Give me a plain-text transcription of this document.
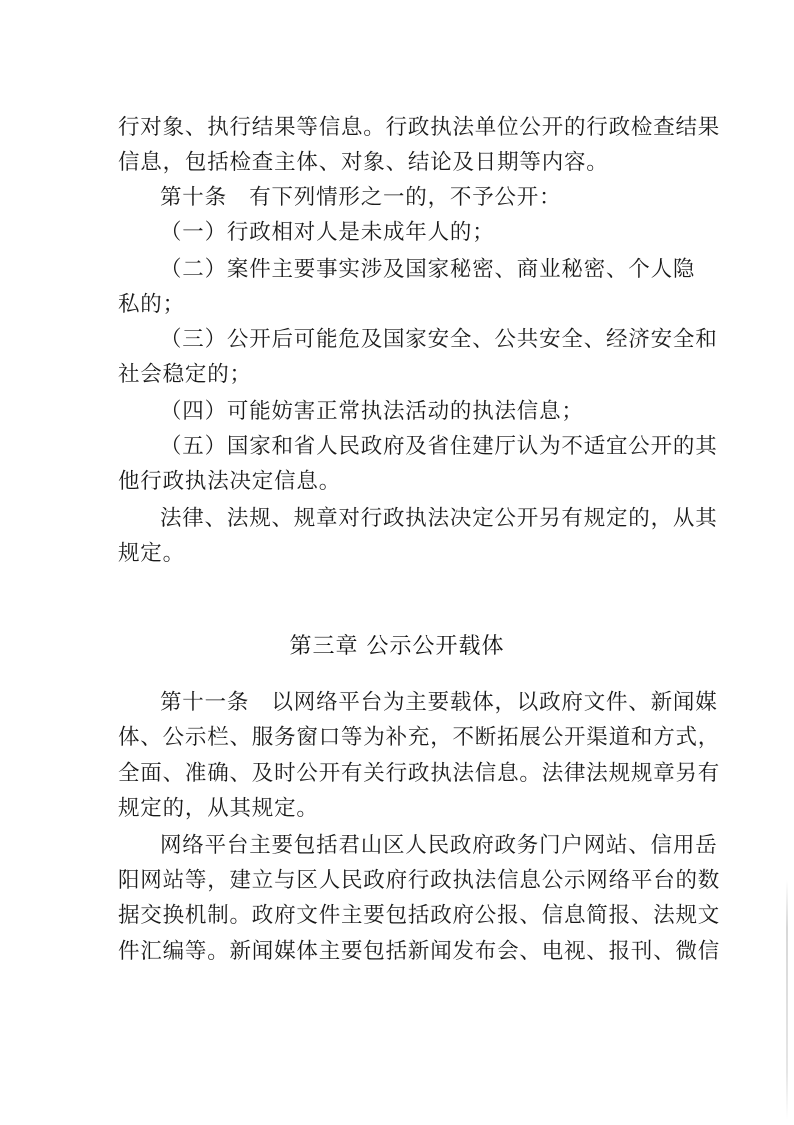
行对象、执行结果等信息。行政执法单位公开的行政检查结果
信息，包括检查主体、对象、结论及日期等内容。
第十条　有下列情形之一的，不予公开：
（一）行政相对人是未成年人的；
（二）案件主要事实涉及国家秘密、商业秘密、个人隐
私的；
（三）公开后可能危及国家安全、公共安全、经济安全和
社会稳定的；
（四）可能妨害正常执法活动的执法信息；
（五）国家和省人民政府及省住建厅认为不适宜公开的其
他行政执法决定信息。
法律、法规、规章对行政执法决定公开另有规定的，从其
规定。
第三章 公示公开载体
第十一条　以网络平台为主要载体，以政府文件、新闻媒
体、公示栏、服务窗口等为补充，不断拓展公开渠道和方式，
全面、准确、及时公开有关行政执法信息。法律法规规章另有
规定的，从其规定。
网络平台主要包括君山区人民政府政务门户网站、信用岳
阳网站等，建立与区人民政府行政执法信息公示网络平台的数
据交换机制。政府文件主要包括政府公报、信息简报、法规文
件汇编等。新闻媒体主要包括新闻发布会、电视、报刊、微信
